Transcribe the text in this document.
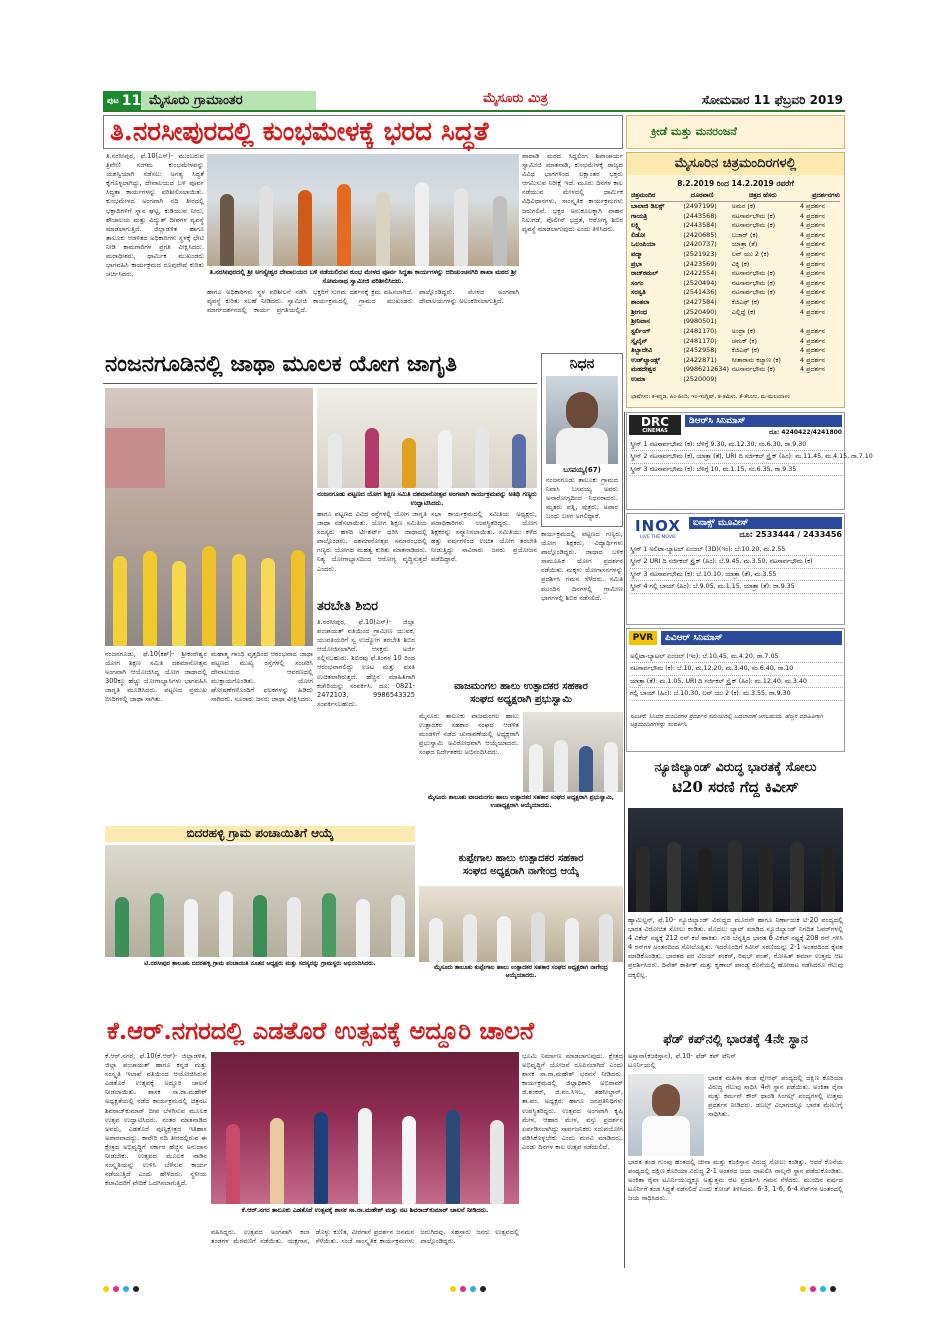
ಪುಟ 11 ಮೈಸೂರು ಗ್ರಾಮಾಂತರ	ಮೈಸೂರು ಮಿತ್ರ	ಸೋಮವಾರ 11 ಫೆಬ್ರವರಿ 2019
ತಿ.ನರಸೀಪುರದಲ್ಲಿ ಕುಂಭಮೇಳಕ್ಕೆ ಭರದ ಸಿದ್ಧತೆ	ಕ್ರೀಡೆ ಮತ್ತು ಮನರಂಜನೆ
ತಿ.ನರಸೀಪುರ, ಫೆ.10(ಎಸ್)- ಮುಂಬರುವ ತ್ರಿವೇಣಿ ಸಂಗಮ ಕುಂಭಮೇಳವನ್ನು ಯಶಸ್ವಿಯಾಗಿ ನಡೆಸಲು ಅಗತ್ಯ ಸಿದ್ಧತೆ ಕೈಗೊಳ್ಳಲಾಗಿದ್ದು, ದೇವಾಲಯದ ಬಳಿ ಪೂರ್ವ ಸಿದ್ಧತಾ ಕಾರ್ಯಗಳನ್ನು ಪರಿಶೀಲಿಸಲಾಯಿತು. ಕುಂಭಮೇಳದ ಅಂಗವಾಗಿ ನದಿ ತೀರದಲ್ಲಿ ಭಕ್ತಾದಿಗಳಿಗೆ ಸ್ನಾನ ಘಟ್ಟ, ಕುಡಿಯುವ ನೀರು, ಶೌಚಾಲಯ ಮತ್ತು ವಿದ್ಯುತ್ ದೀಪಗಳ ವ್ಯವಸ್ಥೆ ಮಾಡಲಾಗುತ್ತಿದೆ. ಜಿಲ್ಲಾಡಳಿತ ಹಾಗೂ ತಾಲೂಕು ಆಡಳಿತದ ಅಧಿಕಾರಿಗಳು ಸ್ಥಳಕ್ಕೆ ಭೇಟಿ ನೀಡಿ ಕಾಮಗಾರಿಗಳ ಪ್ರಗತಿ ವೀಕ್ಷಿಸಿದರು. ಮಠಾಧೀಶರು, ಧಾರ್ಮಿಕ ಮುಖಂಡರು ಭಾಗವಹಿಸಿ ಕಾರ್ಯಕ್ರಮದ ರೂಪುರೇಷೆ ಕುರಿತು ಚರ್ಚಿಸಿದರು.
ವಾದಾಡಿ ಮಠದ ಸಿದ್ದಲಿಂಗ ಶಿವಾಚಾರ್ಯ ಸ್ವಾಮೀಜಿ ಮಾತನಾಡಿ, ಕುಂಭಮೇಳಕ್ಕೆ ರಾಜ್ಯದ ವಿವಿಧ ಭಾಗಗಳಿಂದ ಲಕ್ಷಾಂತರ ಭಕ್ತರು ಆಗಮಿಸುವ ನಿರೀಕ್ಷೆ ಇದೆ. ಮೂರು ದಿನಗಳ ಕಾಲ ನಡೆಯುವ ಮೇಳದಲ್ಲಿ ಧಾರ್ಮಿಕ ವಿಧಿವಿಧಾನಗಳು, ಸಾಂಸ್ಕೃತಿಕ ಕಾರ್ಯಕ್ರಮಗಳು ಜರುಗಲಿವೆ. ಭಕ್ತರ ಅನುಕೂಲಕ್ಕಾಗಿ ವಾಹನ ನಿಲುಗಡೆ, ಪೊಲೀಸ್ ಭದ್ರತೆ, ಆರೋಗ್ಯ ಶಿಬಿರ ವ್ಯವಸ್ಥೆ ಮಾಡಲಾಗುವುದು ಎಂದು ತಿಳಿಸಿದರು.
ತಿ.ನರಸೀಪುರದಲ್ಲಿ ಶ್ರೀ ಅಗಸ್ತ್ಯೇಶ್ವರ ದೇವಾಲಯದ ಬಳಿ ನಡೆಯಲಿರುವ ಕುಂಭ ಮೇಳದ ಪೂರ್ವ ಸಿದ್ಧತಾ ಕಾರ್ಯಗಳನ್ನು ಆದಿಚುಂಚನಗಿರಿ ಶಾಖಾ ಮಠದ ಶ್ರೀ ಸೋಮನಾಥ ಸ್ವಾಮೀಜಿ ಪರಿಶೀಲಿಸಿದರು.
ಹಾಗೂ ಅಧಿಕಾರಿಗಳು ಸ್ಥಳ ಪರಿಶೀಲನೆ ನಡೆಸಿ ವ್ಯವಸ್ಥೆ ಕುರಿತು ಸಲಹೆ ನೀಡಿದರು. ಸ್ವಾಮೀಜಿ ಮಾರ್ಗದರ್ಶನದಲ್ಲಿ ಕಾರ್ಯ ಪ್ರಗತಿಯಲ್ಲಿದೆ. ಭಕ್ತರಿಗೆ ಸುಗಮ ದರ್ಶನಕ್ಕೆ ಕ್ರಮ ವಹಿಸಲಾಗಿದೆ. ಕಾರ್ಯಕ್ರಮದಲ್ಲಿ ಗ್ರಾಮದ ಮುಖಂಡರು ಪಾಲ್ಗೊಂಡಿದ್ದರು. ಮೇಳದ ಅಂಗವಾಗಿ ದೇವಾಲಯಗಳನ್ನು ಅಲಂಕರಿಸಲಾಗುತ್ತಿದೆ.
ಮೈಸೂರಿನ ಚಿತ್ರಮಂದಿರಗಳಲ್ಲಿ
8.2.2019 ರಿಂದ 14.2.2019 ರವರೆಗೆ
ಚಿತ್ರಮಂದಿರ	ದೂರವಾಣಿ	ಚಿತ್ರದ ಹೆಸರು	ಪ್ರದರ್ಶನಗಳು
ಬಾಲಾಜಿ ಡಿಲಕ್ಸ್	(2497199)	ಅಮರ (ಕ)	4 ಪ್ರದರ್ಶನ
ಗಾಯತ್ರಿ	(2443568)	ನಟಸಾರ್ವಭೌಮ (ಕ)	4 ಪ್ರದರ್ಶನ
ಲಕ್ಷ್ಮಿ	(2443584)	ನಟಸಾರ್ವಭೌಮ (ಕ)	4 ಪ್ರದರ್ಶನ
ಲಿಡೋ	(2420685)	ಬಜಾರ್ (ಕ)	4 ಪ್ರದರ್ಶನ
ಒಲಂಪಿಯಾ	(2420737)	ಯಾತ್ರಾ (ತೆ)	4 ಪ್ರದರ್ಶನ
ಪದ್ಮಾ	(2521923)	ಲವ್ ಯು 2 (ಕ)	4 ಪ್ರದರ್ಶನ
ಪ್ರಭಾ	(2423569)	ವಿಕ್ಕಿ (ಕ)	4 ಪ್ರದರ್ಶನ
ರಾಜ್‌ಕಮಲ್	(2422554)	ನಟಸಾರ್ವಭೌಮ (ಕ)	4 ಪ್ರದರ್ಶನ
ಸಂಗಂ	(2520494)	ನಟಸಾರ್ವಭೌಮ (ಕ)	4 ಪ್ರದರ್ಶನ
ಸರಸ್ವತಿ	(2541436)	ನಟಸಾರ್ವಭೌಮ (ಕ)	4 ಪ್ರದರ್ಶನ
ಶಾಂತಲಾ	(2427584)	ಕೆಜಿಎಫ್ (ಕ)	4 ಪ್ರದರ್ಶನ
ಶ್ರೀಗಂಧ	(2520490)	ಎಲ್ಲಿದ್ದೆ (ಕ)	4 ಪ್ರದರ್ಶನ
ಶ್ರೀನಿವಾಸ	(9980501)
ಸ್ಟರ್ಲಿಂಗ್	(2481170)	ಅಂದ್ರಾ (ಕ)	4 ಪ್ರದರ್ಶನ
ಸ್ಕೈಲೈನ್	(2481170)	ಚಮಕ್ (ಕ)	4 ಪ್ರದರ್ಶನ
ತಿಬ್ಬಾದೇವಿ	(2452958)	ಕೆಜಿಎಫ್ (ಕ)	4 ಪ್ರದರ್ಶನ
ಉಡ್‌ಲ್ಯಾಂಡ್ಸ್	(2422871)	ಸೀತಾರಾಮ ಕಲ್ಯಾಣ (ಕ)	4 ಪ್ರದರ್ಶನ
ಮಹದೇಶ್ವರ	(9986212634) ನಟಸಾರ್ವಭೌಮ (ಕ)	4 ಪ್ರದರ್ಶನ
ಉಮಾ	(2520009)
ಭಾಷೆಗಳು: ಕ-ಕನ್ನಡ, ಹಿಂ-ಹಿಂದಿ, ಇಂ-ಇಂಗ್ಲಿಷ್, ತ-ತಮಿಳು, ತೆ-ತೆಲುಗು, ಮ-ಮಲಯಾಳಂ
ನಂಜನಗೂಡಿನಲ್ಲಿ ಜಾಥಾ ಮೂಲಕ ಯೋಗ ಜಾಗೃತಿ
ನಂಜನಗೂಡು ಪಟ್ಟಣದ ಯೋಗ ಶಿಕ್ಷಣ ಸಮಿತಿ ದಶಮಾನೋತ್ಸವ ಅಂಗವಾಗಿ ಕಾರ್ಯಕ್ರಮವನ್ನು ಅತಿಥಿ ಗಣ್ಯರು ಉದ್ಘಾಟಿಸಿದರು.
ಹಾಗೂ ಪಟ್ಟಣದ ವಿವಿಧ ರಸ್ತೆಗಳಲ್ಲಿ ಯೋಗ ಜಾಗೃತಿ ಜಾಥಾ ನಡೆಸಲಾಯಿತು. ಯೋಗ ಶಿಕ್ಷಣ ಸಮಿತಿಯ ಸದಸ್ಯರು ಹಳದಿ ಟೀ-ಶರ್ಟ್ ಧರಿಸಿ ಜಾಥಾದಲ್ಲಿ ಪಾಲ್ಗೊಂಡರು. ದಶಮಾನೋತ್ಸವ ಸಮಾರಂಭದಲ್ಲಿ ಗಣ್ಯರು ಯೋಗದ ಮಹತ್ವ ಕುರಿತು ಮಾತನಾಡಿದರು. ನಿತ್ಯ ಯೋಗಾಭ್ಯಾಸದಿಂದ ಆರೋಗ್ಯ ವೃದ್ಧಿಸುತ್ತದೆ ಎಂದರು.
ಸಭಾ ಕಾರ್ಯಕ್ರಮದಲ್ಲಿ ಸಮಿತಿಯ ಅಧ್ಯಕ್ಷರು, ಪದಾಧಿಕಾರಿಗಳು ಉಪಸ್ಥಿತರಿದ್ದರು. ಯೋಗ ಶಿಕ್ಷಕರನ್ನು ಸನ್ಮಾನಿಸಲಾಯಿತು. ಸಮಿತಿಯು ಕಳೆದ ಹತ್ತು ವರ್ಷಗಳಿಂದ ಉಚಿತ ಯೋಗ ತರಬೇತಿ ನೀಡುತ್ತಿದ್ದು ಸಾವಿರಾರು ಜನರು ಪ್ರಯೋಜನ ಪಡೆದಿದ್ದಾರೆ.
ನಂಜನಗೂಡು, ಫೆ.10(ಕಶ್)- ಶ್ರೀಕಂಠೇಶ್ವರ ಯೋಗ ಶಿಕ್ಷಣ ಸಮಿತಿ ದಶಮಾನೋತ್ಸವ ಅಂಗವಾಗಿ ಆಯೋಜಿಸಿದ್ದ ಯೋಗ ಜಾಥಾದಲ್ಲಿ 300ಕ್ಕೂ ಹೆಚ್ಚು ಯೋಗಾಭ್ಯಾಸಿಗಳು ಭಾಗವಹಿಸಿ ಜಾಗೃತಿ ಮೂಡಿಸಿದರು. ಪಟ್ಟಣದ ಪ್ರಮುಖ ಬೀದಿಗಳಲ್ಲಿ ಜಾಥಾ ಸಾಗಿತು.
ಮಹಾತ್ಮ ಗಾಂಧಿ ವೃತ್ತದಿಂದ ಆರಂಭವಾದ ಜಾಥಾ ಪಟ್ಟಣದ ಮುಖ್ಯ ರಸ್ತೆಗಳಲ್ಲಿ ಸಂಚರಿಸಿ ದೇವಾಲಯದ ಆವರಣದಲ್ಲಿ ಮುಕ್ತಾಯಗೊಂಡಿತು. ಯೋಗ ಘೋಷಣೆಗಳೊಂದಿಗೆ ಫಲಕಗಳನ್ನು ಹಿಡಿದು ಸಾಗಿದರು. ನೂರಾರು ಜನರು ಜಾಥಾ ವೀಕ್ಷಿಸಿದರು.
ನಿಧನ
ಬಸವಯ್ಯ(67)
ನಂಜನಗೂಡು ತಾಲೂಕು ಗ್ರಾಮದ ನಿವಾಸಿ ಬಸವಯ್ಯ ಅವರು ಅನಾರೋಗ್ಯದಿಂದ ನಿಧನರಾದರು. ಮೃತರು ಪತ್ನಿ, ಪುತ್ರರು, ಅಪಾರ ಬಂಧು ಬಳಗ ಅಗಲಿದ್ದಾರೆ.
ಕಾರ್ಯಕ್ರಮದಲ್ಲಿ ಪಟ್ಟಣದ ಗಣ್ಯರು, ಯೋಗ ಶಿಕ್ಷಕರು, ವಿದ್ಯಾರ್ಥಿಗಳು ಪಾಲ್ಗೊಂಡಿದ್ದರು. ಜಾಥಾದ ಬಳಿಕ ಸಾಮೂಹಿಕ ಯೋಗ ಪ್ರದರ್ಶನ ನಡೆಯಿತು. ಮಕ್ಕಳು ಯೋಗಾಸನಗಳನ್ನು ಪ್ರದರ್ಶಿಸಿ ಗಮನ ಸೆಳೆದರು. ಸಮಿತಿ ಮುಂದಿನ ದಿನಗಳಲ್ಲಿ ಗ್ರಾಮೀಣ ಭಾಗಗಳಲ್ಲಿ ಶಿಬಿರ ನಡೆಸಲಿದೆ.
ತರಬೇತಿ ಶಿಬಿರ
ತಿ.ನರಸೀಪುರ, ಫೆ.10(ಎಸ್)- ಜಿಲ್ಲಾ ಪಂಚಾಯತ್ ವತಿಯಿಂದ ಗ್ರಾಮೀಣ ಯುವಕ, ಯುವತಿಯರಿಗೆ ಸ್ವ ಉದ್ಯೋಗ ತರಬೇತಿ ಶಿಬಿರ ಆಯೋಜಿಸಲಾಗಿದೆ. ಆಸಕ್ತರು ಅರ್ಜಿ ಸಲ್ಲಿಸಬಹುದು. ಶಿಬಿರವು ಫೆ.ತಿಂಗಳ 10 ರಿಂದ ಆರಂಭವಾಗಲಿದ್ದು ಊಟ ಮತ್ತು ವಸತಿ ಉಚಿತವಾಗಿರುತ್ತದೆ. ಹೆಚ್ಚಿನ ಮಾಹಿತಿಗಾಗಿ ಕಚೇರಿಯನ್ನು ಸಂಪರ್ಕಿಸಿ. ದೂ: 0821-2472103, 9986543325 ಸಂಪರ್ಕಿಸಬಹುದು.
ವಾಜಮಂಗಲ ಹಾಲು ಉತ್ಪಾದಕರ ಸಹಕಾರ
ಸಂಘದ ಅಧ್ಯಕ್ಷರಾಗಿ ಪ್ರಭುಸ್ವಾಮಿ
ಮೈಸೂರು ತಾಲೂಕು ವಾಜಮಂಗಲ ಹಾಲು ಉತ್ಪಾದಕರ ಸಹಕಾರ ಸಂಘದ ಆಡಳಿತ ಮಂಡಳಿಗೆ ನಡೆದ ಚುನಾವಣೆಯಲ್ಲಿ ಅಧ್ಯಕ್ಷರಾಗಿ ಪ್ರಭುಸ್ವಾಮಿ ಅವಿರೋಧವಾಗಿ ಆಯ್ಕೆಯಾದರು. ಸಂಘದ ನಿರ್ದೇಶಕರು ಅಭಿನಂದಿಸಿದರು.
ಮೈಸೂರು ತಾಲೂಕು ವಾಜಮಂಗಲ ಹಾಲು ಉತ್ಪಾದಕರ ಸಹಕಾರ ಸಂಘದ ಅಧ್ಯಕ್ಷರಾಗಿ ಪ್ರಭುಸ್ವಾಮಿ, ಉಪಾಧ್ಯಕ್ಷರಾಗಿ ಆಯ್ಕೆಯಾದರು.
ಬಿದರಹಳ್ಳಿ ಗ್ರಾಮ ಪಂಚಾಯಿತಿಗೆ ಆಯ್ಕೆ
ಟಿ.ನರಸೀಪುರ ತಾಲೂಕು ಬಿದರಹಳ್ಳಿ ಗ್ರಾಮ ಪಂಚಾಯಿತಿ ನೂತನ ಅಧ್ಯಕ್ಷರು ಮತ್ತು ಸದಸ್ಯರನ್ನು ಗ್ರಾಮಸ್ಥರು ಅಭಿನಂದಿಸಿದರು.
ಕುಪ್ಪೇಗಾಲ ಹಾಲು ಉತ್ಪಾದಕರ ಸಹಕಾರ
ಸಂಘದ ಅಧ್ಯಕ್ಷರಾಗಿ ನಾಗೇಂದ್ರ ಆಯ್ಕೆ
ಮೈಸೂರು ತಾಲೂಕು ಕುಪ್ಪೇಗಾಲ ಹಾಲು ಉತ್ಪಾದಕರ ಸಹಕಾರ ಸಂಘದ ಅಧ್ಯಕ್ಷರಾಗಿ ನಾಗೇಂದ್ರ ಆಯ್ಕೆಯಾದರು.
DRC
CINEMAS
ಡಿಆರ್‌ಸಿ ಸಿನಿಮಾಸ್
ದೂ: 4240422/4241800
ಸ್ಕ್ರೀನ್ 1 ನಟಸಾರ್ವಭೌಮ (ಕ): ಬೆಳಿಗ್ಗೆ 9.30, ಮ.12.30, ಸಂ.6.30, ರಾ.9.30
ಸ್ಕ್ರೀನ್ 2 ನಟಸಾರ್ವಭೌಮ (ಕ), ಯಾತ್ರಾ (ತೆ), URI ದಿ ಸರ್ಜಿಕಲ್ ಸ್ಟ್ರೈಕ್ (ಹಿಂ): ಮ.11.45, ಮ.4.15, ರಾ.7.10
ಸ್ಕ್ರೀನ್ 3 ನಟಸಾರ್ವಭೌಮ (ಕ): ಬೆಳಿಗ್ಗೆ 10, ಮ.1.15, ಸಂ.6.35, ರಾ.9.35
INOX
LIVE THE MOVIE
ಐನಾಕ್ಸ್ ಮೂವೀಸ್
ದೂ: 2533444 / 2433456
ಸ್ಕ್ರೀನ್ 1 ಅಲಿಟಾ-ಬ್ಯಾಟಲ್ ಏಂಜಲ್ (3D)(ಇಂ): ಬೆ.10.20, ಮ.2.55
ಸ್ಕ್ರೀನ್ 2 URI ದಿ ಸರ್ಜಿಕಲ್ ಸ್ಟ್ರೈಕ್ (ಹಿಂ): ಬೆ.9.45, ಮ.3.50, ನಟಸಾರ್ವಭೌಮ (ಕ)
ಸ್ಕ್ರೀನ್ 3 ನಟಸಾರ್ವಭೌಮ (ಕ): ಬೆ.10.10, ಯಾತ್ರಾ (ತೆ), ಮ.3.55
ಸ್ಕ್ರೀನ್ 4 ಗಲ್ಲಿ ಬಾಯ್ (ಹಿಂ): ಬೆ.9.05, ಮ.1.15, ಯಾತ್ರಾ (ತೆ): ರಾ.9.35
PVR	ಪಿವಿಆರ್ ಸಿನಿಮಾಸ್
ಅಲ್ಲಿಟಾ-ಬ್ಯಾಟಲ್ ಏಂಜಲ್ (ಇಂ): ಬೆ.10.45, ಮ.4.20, ರಾ.7.05
ನಟಸಾರ್ವಭೌಮ (ಕ): ಬೆ.10, ಮ.12.20, ಮ.3.40, ಸಂ.6.40, ರಾ.10
ಯಾತ್ರಾ (ತೆ): ಮ.1.05, URI ದಿ ಸರ್ಜಿಕಲ್ ಸ್ಟ್ರೈಕ್ (ಹಿಂ): ಮ.12.40, ಮ.3.40
ಗಲ್ಲಿ ಬಾಯ್ (ಹಿಂ): ಬೆ.10.30, ಲವ್ ಯು 2 (ಕ): ಮ.3.55, ರಾ.9.30
ಸೂಚನೆ: ಸಿನಿಮಾ ಮಂದಿರಗಳ ಪ್ರದರ್ಶನ ಸಮಯದಲ್ಲಿ ಬದಲಾವಣೆ ಆಗಬಹುದು. ಹೆಚ್ಚಿನ ಮಾಹಿತಿಗಾಗಿ ಚಿತ್ರಮಂದಿರಗಳನ್ನು ಸಂಪರ್ಕಿಸಿ.
ನ್ಯೂಜಿಲ್ಯಾಂಡ್ ವಿರುದ್ಧ ಭಾರತಕ್ಕೆ ಸೋಲು
ಟಿ20 ಸರಣಿ ಗೆದ್ದ ಕಿವೀಸ್
ಹ್ಯಾಮಿಲ್ಟನ್, ಫೆ.10- ನ್ಯೂಜಿಲ್ಯಾಂಡ್ ವಿರುದ್ಧದ ಮೂರನೇ ಹಾಗೂ ನಿರ್ಣಾಯಕ ಟಿ-20 ಪಂದ್ಯದಲ್ಲಿ ಭಾರತ ವಿರೋಚಿತ ಸೋಲು ಕಂಡಿತು. ಮೊದಲು ಬ್ಯಾಟ್ ಮಾಡಿದ ನ್ಯೂಜಿಲ್ಯಾಂಡ್ ನಿಗದಿತ ಓವರ್‌ಗಳಲ್ಲಿ 4 ವಿಕೆಟ್ ನಷ್ಟಕ್ಕೆ 212 ರನ್ ಕಲೆ ಹಾಕಿತು. ಗುರಿ ಬೆನ್ನತ್ತಿದ ಭಾರತ 6 ವಿಕೆಟ್ ನಷ್ಟಕ್ಕೆ 208 ರನ್ ಗಳಿಸಿ 4 ರನ್‌ಗಳ ಅಂತರದಿಂದ ಸೋಲೊಪ್ಪಿತು. ಇದರೊಂದಿಗೆ ಕಿವೀಸ್ ಸರಣಿಯನ್ನು 2-1 ಅಂತರದಿಂದ ಕೈವಶ ಮಾಡಿಕೊಂಡಿತು. ಭಾರತದ ಪರ ವಿಜಯ್ ಶಂಕರ್, ರಿಷಭ್ ಪಂತ್, ರೋಹಿತ್ ಶರ್ಮಾ ಉತ್ತಮ ಆಟ ಪ್ರದರ್ಶಿಸಿದರು. ದಿನೇಶ್ ಕಾರ್ತಿಕ್ ಮತ್ತು ಕೃಣಾಲ್ ಪಾಂಡ್ಯ ಕೊನೆಯಲ್ಲಿ ಹೋರಾಟ ನಡೆಸಿದರೂ ಗೆಲುವು ದಕ್ಕಲಿಲ್ಲ.
ಫೆಡ್ ಕಪ್‌ನಲ್ಲಿ ಭಾರತಕ್ಕೆ 4ನೇ ಸ್ಥಾನ
ಅಸ್ತಾನಾ(ಕಜಕಿಸ್ತಾನ), ಫೆ.10- ಫೆಡ್ ಕಪ್ ಟೆನಿಸ್ ಟೂರ್ನಿಯಲ್ಲಿ
ಭಾರತ ಮಹಿಳಾ ತಂಡ ಪ್ಲೇಆಫ್ ಪಂದ್ಯದಲ್ಲಿ ದಕ್ಷಿಣ ಕೊರಿಯಾ ವಿರುದ್ಧ ಗೆಲುವು ಸಾಧಿಸಿ 4ನೇ ಸ್ಥಾನ ಪಡೆಯಿತು. ಅಂಕಿತಾ ರೈನಾ ಮತ್ತು ಕರ್ಮನ್ ಕೌರ್ ಥಾಂಡಿ ಸಿಂಗಲ್ಸ್ ಪಂದ್ಯಗಳಲ್ಲಿ ಉತ್ತಮ ಪ್ರದರ್ಶನ ನೀಡಿದರು. ಡಬಲ್ಸ್ ವಿಭಾಗದಲ್ಲೂ ಭಾರತ ಮೇಲುಗೈ ಸಾಧಿಸಿತು.
ಭಾರತ ತಂಡ ಗುಂಪು ಹಂತದಲ್ಲಿ ಚೀನಾ ಮತ್ತು ಕಜಕಿಸ್ತಾನ ವಿರುದ್ಧ ಸೋಲು ಕಂಡಿತ್ತು. ಆದರೆ ಕೊನೆಯ ಪಂದ್ಯದಲ್ಲಿ ದಕ್ಷಿಣ ಕೊರಿಯಾ ವಿರುದ್ಧ 2-1 ಅಂತರದ ಜಯ ದಾಖಲಿಸಿ ನಾಲ್ಕನೇ ಸ್ಥಾನ ಪಡೆದುಕೊಂಡಿತು. ಅಂಕಿತಾ ರೈನಾ ಟೂರ್ನಿಯುದ್ದಕ್ಕೂ ಅತ್ಯುತ್ತಮ ಆಟ ಪ್ರದರ್ಶಿಸಿ ಗಮನ ಸೆಳೆದರು. ಮುಂದಿನ ವರ್ಷದ ಟೂರ್ನಿಗೆ ತಂಡ ಸಿದ್ಧತೆ ನಡೆಸಲಿದೆ ಎಂದು ಕೋಚ್ ತಿಳಿಸಿದರು. 6-3, 1-6, 6-4 ಸೆಟ್‌ಗಳ ಅಂತರದಲ್ಲಿ ಜಯ ಸಾಧಿಸಿದರು.
ಕೆ.ಆರ್.ನಗರದಲ್ಲಿ ಎಡತೊರೆ ಉತ್ಸವಕ್ಕೆ ಅದ್ದೂರಿ ಚಾಲನೆ
ಕೆ.ಆರ್.ನಗರ, ಫೆ.10(ಕೆ.ಆರ್)- ಜಿಲ್ಲಾಡಳಿತ, ಜಿಲ್ಲಾ ಪಂಚಾಯತ್ ಹಾಗೂ ಕನ್ನಡ ಮತ್ತು ಸಂಸ್ಕೃತಿ ಇಲಾಖೆ ವತಿಯಿಂದ ಆಯೋಜಿಸಿರುವ ಎಡತೊರೆ ಉತ್ಸವಕ್ಕೆ ಅದ್ದೂರಿ ಚಾಲನೆ ನೀಡಲಾಯಿತು. ಶಾಸಕ ಸಾ.ರಾ.ಮಹೇಶ್ ಅಧ್ಯಕ್ಷತೆಯಲ್ಲಿ ನಡೆದ ಕಾರ್ಯಕ್ರಮದಲ್ಲಿ ಚಿತ್ರನಟ ಶಿವರಾಜ್‌ಕುಮಾರ್ ದೀಪ ಬೆಳಗಿಸುವ ಮೂಲಕ ಉತ್ಸವ ಉದ್ಘಾಟಿಸಿದರು. ನಂತರ ಮಾತನಾಡಿದ ಅವರು, ಎಡತೊರೆ ಪುಣ್ಯಕ್ಷೇತ್ರದ ಇತಿಹಾಸ ಅಪಾರವಾದದ್ದು. ಕಾವೇರಿ ನದಿ ತೀರದಲ್ಲಿರುವ ಈ ಕ್ಷೇತ್ರದ ಅಭಿವೃದ್ಧಿಗೆ ಸರ್ಕಾರ ಹೆಚ್ಚಿನ ಅನುದಾನ ನೀಡಬೇಕು. ಉತ್ಸವದ ಮೂಲಕ ನಾಡಿನ ಸಂಸ್ಕೃತಿಯನ್ನು ಉಳಿಸಿ ಬೆಳೆಸುವ ಕಾರ್ಯ ನಡೆಯುತ್ತಿದೆ ಎಂದು ಹೇಳಿದರು. ಸ್ಥಳೀಯ ಕಲಾವಿದರಿಗೆ ವೇದಿಕೆ ಒದಗಿಸಲಾಗುತ್ತಿದೆ.
ಕೆ.ಆರ್.ನಗರ ತಾಲೂಕು ಎಡತೊರೆ ಉತ್ಸವಕ್ಕೆ ಶಾಸಕ ಸಾ.ರಾ.ಮಹೇಶ್ ಮತ್ತು ನಟ ಶಿವರಾಜ್‌ಕುಮಾರ್ ಚಾಲನೆ ನೀಡಿದರು.
ವಹಿಸಿದ್ದರು. ಉತ್ಸವದ ಅಂಗವಾಗಿ ಕಲಾ ತಂಡಗಳ ಮೆರವಣಿಗೆ ನಡೆಯಿತು. ಯಕ್ಷಗಾನ, ಡೊಳ್ಳು ಕುಣಿತ, ವೀರಗಾಸೆ ಪ್ರದರ್ಶನ ಜನಮನ ಸೆಳೆಯಿತು. ಸಂಜೆ ಸಾಂಸ್ಕೃತಿಕ ಕಾರ್ಯಕ್ರಮಗಳು ಜರುಗಿದವು. ಸಹಸ್ರಾರು ಜನರು ಉತ್ಸವದಲ್ಲಿ ಪಾಲ್ಗೊಂಡಿದ್ದರು.
ಭೂಮಿ ನಿರ್ಮಾಣ ಮಾಡಲಾಗುವುದು. ಕ್ಷೇತ್ರದ ಅಭಿವೃದ್ಧಿಗೆ ಯೋಜನೆ ರೂಪಿಸಲಾಗಿದೆ ಎಂದು ಶಾಸಕ ಸಾ.ರಾ.ಮಹೇಶ್ ಭರವಸೆ ನೀಡಿದರು. ಕಾರ್ಯಕ್ರಮದಲ್ಲಿ ಜಿಲ್ಲಾಧಿಕಾರಿ ಅಭಿರಾಮ್ ಜಿ.ಶಂಕರ್, ಜಿ.ಪಂ.ಸಿಇಒ, ತಹಸೀಲ್ದಾರ್, ತಾ.ಪಂ. ಅಧ್ಯಕ್ಷರು ಹಾಗೂ ಜನಪ್ರತಿನಿಧಿಗಳು ಉಪಸ್ಥಿತರಿದ್ದರು. ಉತ್ಸವದ ಅಂಗವಾಗಿ ಕೃಷಿ ಮೇಳ, ಆಹಾರ ಮೇಳ, ವಸ್ತು ಪ್ರದರ್ಶನ ಏರ್ಪಡಿಸಲಾಗಿದ್ದು ಸಾರ್ವಜನಿಕರು ಸದುಪಯೋಗ ಪಡಿಸಿಕೊಳ್ಳಬೇಕು ಎಂದು ಮನವಿ ಮಾಡಿದರು. ಎರಡು ದಿನಗಳ ಕಾಲ ಉತ್ಸವ ನಡೆಯಲಿದೆ.
